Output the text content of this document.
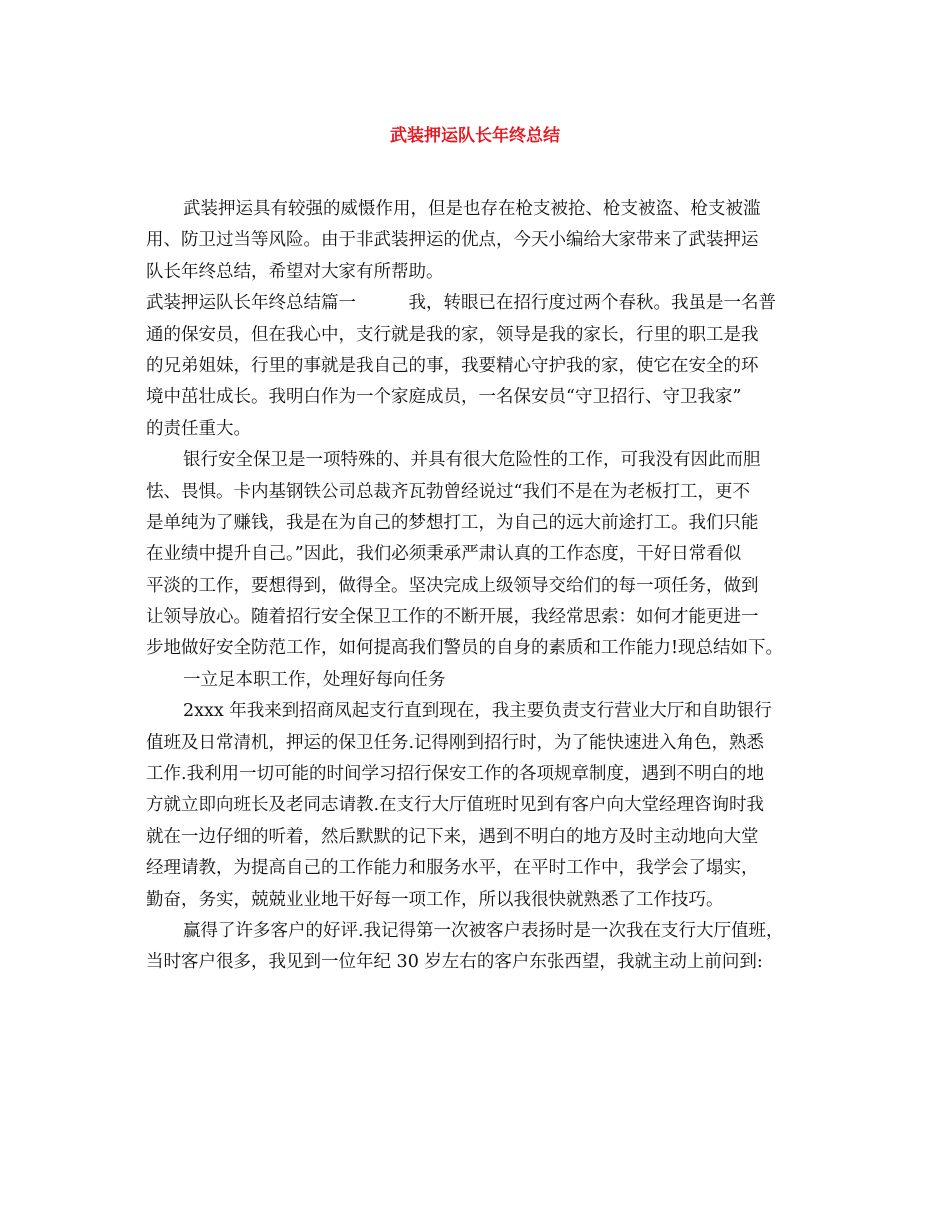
武装押运队长年终总结
武装押运具有较强的威慑作用，但是也存在枪支被抢、枪支被盗、枪支被滥
用、防卫过当等风险。由于非武装押运的优点，今天小编给大家带来了武装押运
队长年终总结，希望对大家有所帮助。
武装押运队长年终总结篇一　　　我，转眼已在招行度过两个春秋。我虽是一名普
通的保安员，但在我心中，支行就是我的家，领导是我的家长，行里的职工是我
的兄弟姐妹，行里的事就是我自己的事，我要精心守护我的家，使它在安全的环
境中茁壮成长。我明白作为一个家庭成员，一名保安员“守卫招行、守卫我家”
的责任重大。
银行安全保卫是一项特殊的、并具有很大危险性的工作，可我没有因此而胆
怯、畏惧。卡内基钢铁公司总裁齐瓦勃曾经说过“我们不是在为老板打工，更不
是单纯为了赚钱，我是在为自己的梦想打工，为自己的远大前途打工。我们只能
在业绩中提升自己。”因此，我们必须秉承严肃认真的工作态度，干好日常看似
平淡的工作，要想得到，做得全。坚决完成上级领导交给们的每一项任务，做到
让领导放心。随着招行安全保卫工作的不断开展，我经常思索：如何才能更进一
步地做好安全防范工作，如何提高我们警员的自身的素质和工作能力!现总结如下。
一立足本职工作，处理好每向任务
2xxx 年我来到招商凤起支行直到现在，我主要负责支行营业大厅和自助银行
值班及日常清机，押运的保卫任务.记得刚到招行时，为了能快速进入角色，熟悉
工作.我利用一切可能的时间学习招行保安工作的各项规章制度，遇到不明白的地
方就立即向班长及老同志请教.在支行大厅值班时见到有客户向大堂经理咨询时我
就在一边仔细的听着，然后默默的记下来，遇到不明白的地方及时主动地向大堂
经理请教，为提高自己的工作能力和服务水平，在平时工作中，我学会了塌实，
勤奋，务实，兢兢业业地干好每一项工作，所以我很快就熟悉了工作技巧。
赢得了许多客户的好评.我记得第一次被客户表扬时是一次我在支行大厅值班，
当时客户很多，我见到一位年纪 30 岁左右的客户东张西望，我就主动上前问到:
